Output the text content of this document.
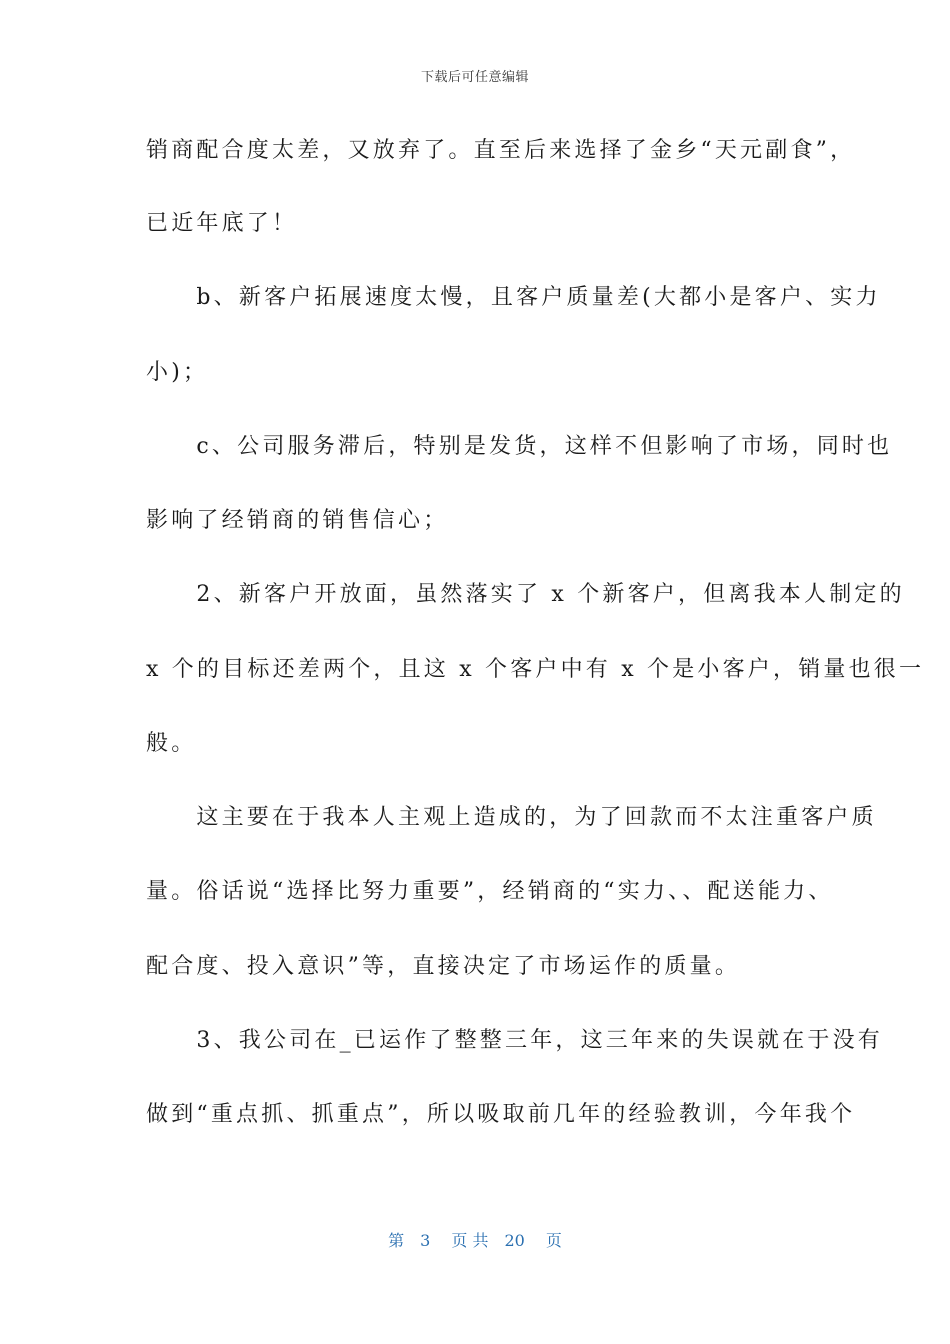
下载后可任意编辑
销商配合度太差，又放弃了。直至后来选择了金乡“天元副食”，
已近年底了！
　　b、新客户拓展速度太慢，且客户质量差(大都小是客户、实力
小)；
　　c、公司服务滞后，特别是发货，这样不但影响了市场，同时也
影响了经销商的销售信心；
　　2、新客户开放面，虽然落实了 x 个新客户，但离我本人制定的
x 个的目标还差两个，且这 x 个客户中有 x 个是小客户，销量也很一
般。
　　这主要在于我本人主观上造成的，为了回款而不太注重客户质
量。俗话说“选择比努力重要”，经销商的“实力、、配送能力、
配合度、投入意识”等，直接决定了市场运作的质量。
　　3、我公司在_已运作了整整三年，这三年来的失误就在于没有
做到“重点抓、抓重点”，所以吸取前几年的经验教训，今年我个
第　3　 页 共　20　 页
